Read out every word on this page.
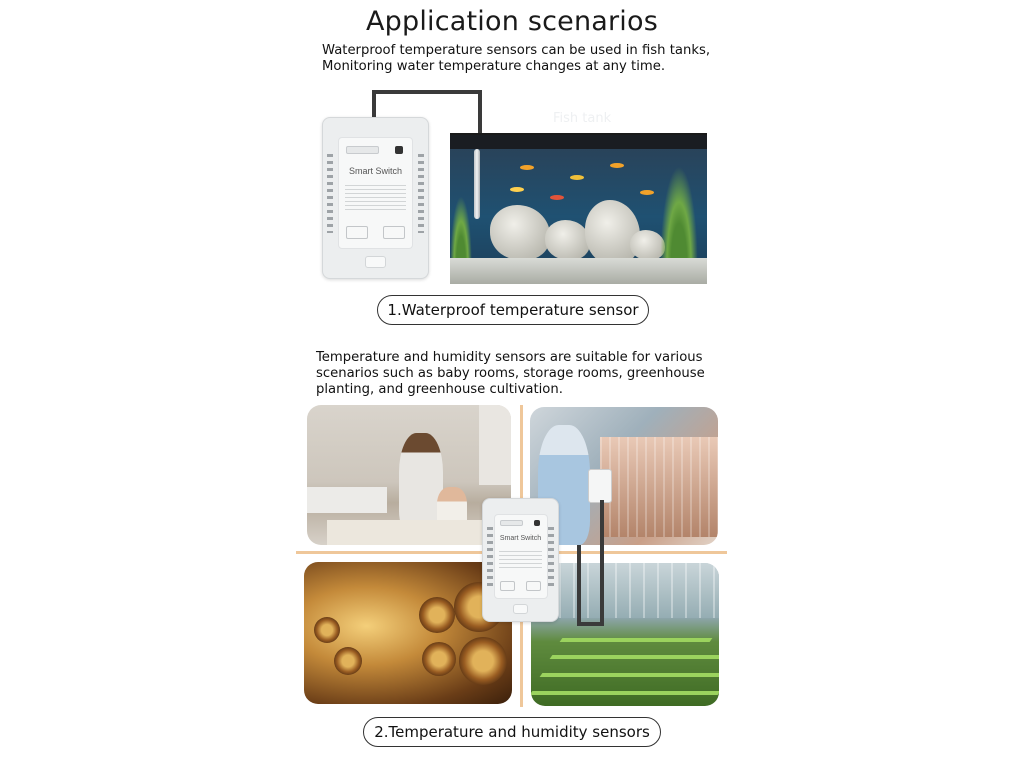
Application scenarios
Waterproof temperature sensors can be used in fish tanks,
Monitoring water temperature changes at any time.
Fish tank
Smart Switch
1.Waterproof temperature sensor
Temperature and humidity sensors are suitable for various
scenarios such as baby rooms, storage rooms, greenhouse
planting, and greenhouse cultivation.
Smart Switch
2.Temperature and humidity sensors
